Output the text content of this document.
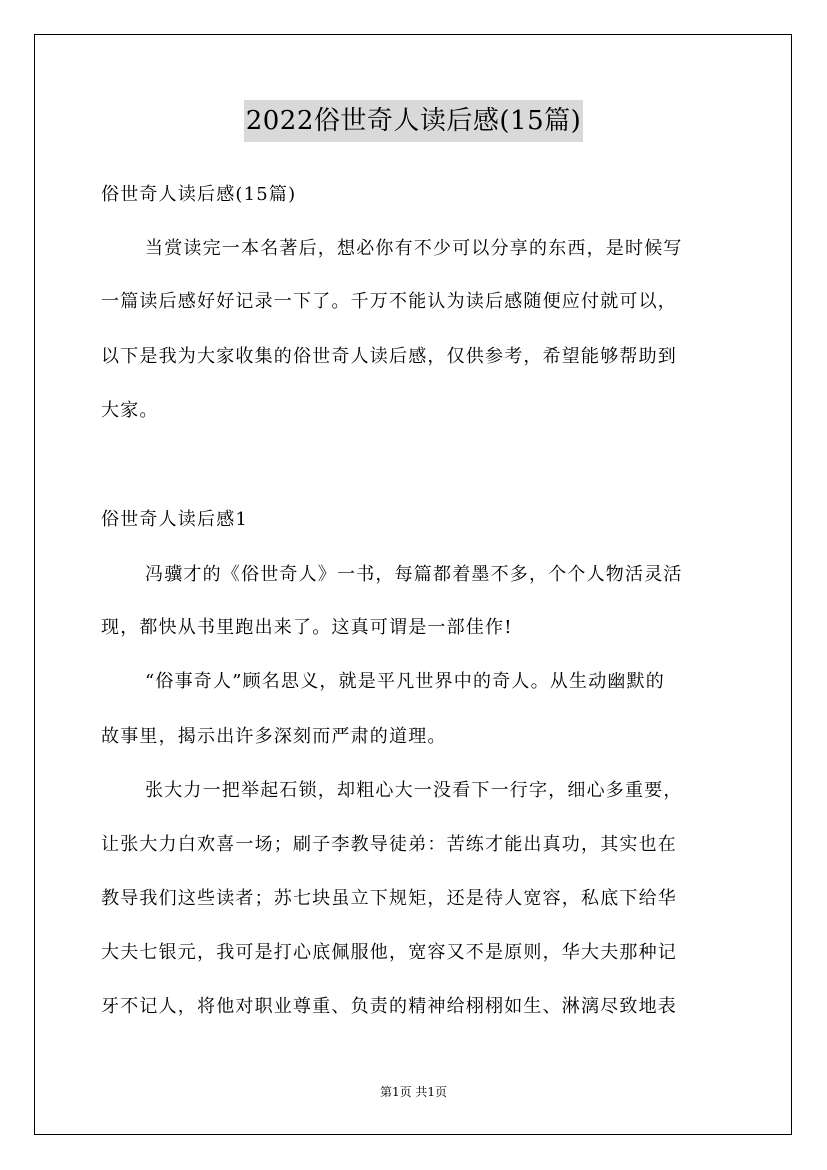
2022俗世奇人读后感(15篇)
俗世奇人读后感(15篇)
当赏读完一本名著后，想必你有不少可以分享的东西，是时候写
一篇读后感好好记录一下了。千万不能认为读后感随便应付就可以，
以下是我为大家收集的俗世奇人读后感，仅供参考，希望能够帮助到
大家。
俗世奇人读后感1
冯骥才的《俗世奇人》一书，每篇都着墨不多，个个人物活灵活
现，都快从书里跑出来了。这真可谓是一部佳作!
“俗事奇人”顾名思义，就是平凡世界中的奇人。从生动幽默的
故事里，揭示出许多深刻而严肃的道理。
张大力一把举起石锁，却粗心大一没看下一行字，细心多重要，
让张大力白欢喜一场；刷子李教导徒弟：苦练才能出真功，其实也在
教导我们这些读者；苏七块虽立下规矩，还是待人宽容，私底下给华
大夫七银元，我可是打心底佩服他，宽容又不是原则，华大夫那种记
牙不记人，将他对职业尊重、负责的精神给栩栩如生、淋漓尽致地表
第1页 共1页
